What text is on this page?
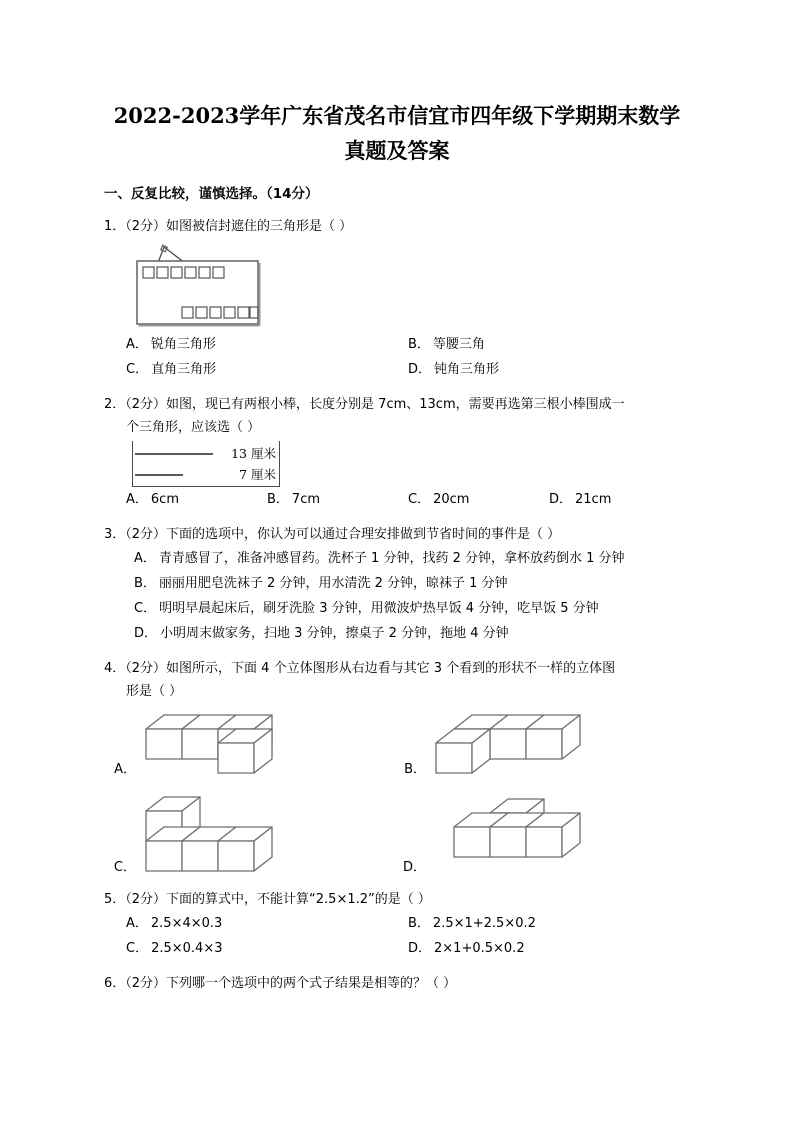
2022-2023学年广东省茂名市信宜市四年级下学期期末数学
真题及答案
一、反复比较，谨慎选择。（14分）
1．（2分）如图被信封遮住的三角形是（ ）
A． 锐角三角形	B． 等腰三角
C． 直角三角形	D． 钝角三角形
2．（2分）如图，现已有两根小棒，长度分别是 7cm、13cm，需要再选第三根小棒围成一
个三角形，应该选（ ）
13 厘米
7 厘米
A． 6cm	B． 7cm	C． 20cm	D． 21cm
3．（2分）下面的选项中，你认为可以通过合理安排做到节省时间的事件是（ ）
A． 青青感冒了，准备冲感冒药。洗杯子 1 分钟，找药 2 分钟，拿杯放药倒水 1 分钟
B． 丽丽用肥皂洗袜子 2 分钟，用水清洗 2 分钟，晾袜子 1 分钟
C． 明明早晨起床后，刷牙洗脸 3 分钟，用微波炉热早饭 4 分钟，吃早饭 5 分钟
D． 小明周末做家务，扫地 3 分钟，擦桌子 2 分钟，拖地 4 分钟
4．（2分）如图所示，下面 4 个立体图形从右边看与其它 3 个看到的形状不一样的立体图
形是（ ）
A．	B．
C．	D．
5．（2分）下面的算式中，不能计算“2.5×1.2”的是（ ）
A． 2.5×4×0.3	B． 2.5×1+2.5×0.2
C． 2.5×0.4×3	D． 2×1+0.5×0.2
6．（2分）下列哪一个选项中的两个式子结果是相等的？（ ）
